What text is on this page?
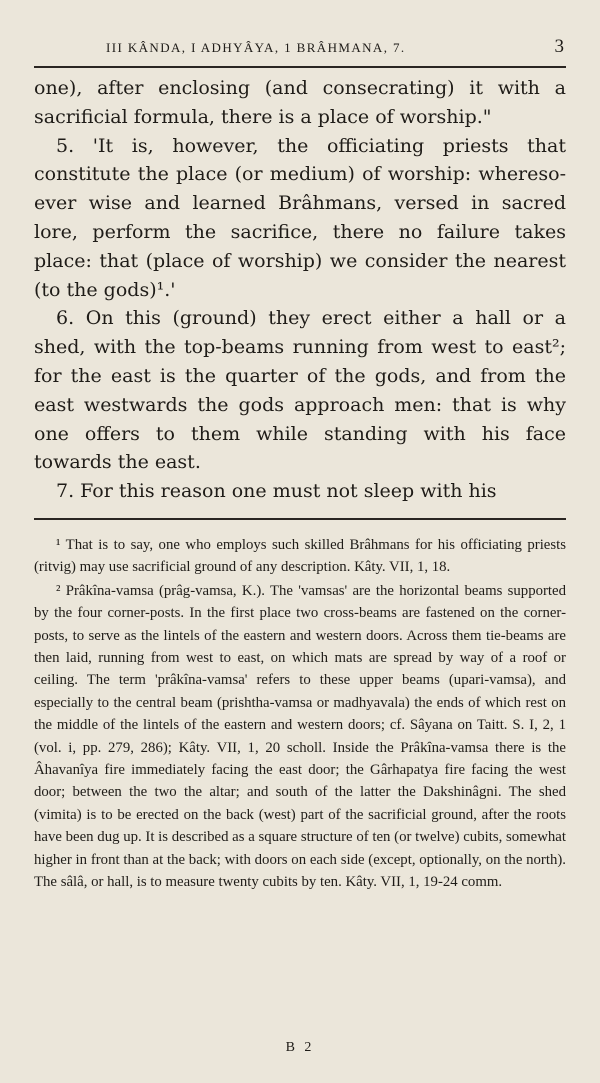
III KÂNDA, I ADHYÂYA, 1 BRÂHMANA, 7.	3

one), after enclosing (and consecrating) it with a sacrificial formula, there is a place of worship."

5. 'It is, however, the officiating priests that constitute the place (or medium) of worship: whereso-ever wise and learned Brâhmans, versed in sacred lore, perform the sacrifice, there no failure takes place: that (place of worship) we consider the nearest (to the gods)¹.'

6. On this (ground) they erect either a hall or a shed, with the top-beams running from west to east²; for the east is the quarter of the gods, and from the east westwards the gods approach men: that is why one offers to them while standing with his face towards the east.

7. For this reason one must not sleep with his

¹ That is to say, one who employs such skilled Brâhmans for his officiating priests (ritvig) may use sacrificial ground of any description. Kâty. VII, 1, 18.

² Prâkîna-vamsa (prâg-vamsa, K.). The 'vamsas' are the horizontal beams supported by the four corner-posts. In the first place two cross-beams are fastened on the corner-posts, to serve as the lintels of the eastern and western doors. Across them tie-beams are then laid, running from west to east, on which mats are spread by way of a roof or ceiling. The term 'prâkîna-vamsa' refers to these upper beams (upari-vamsa), and especially to the central beam (prishtha-vamsa or madhyavala) the ends of which rest on the middle of the lintels of the eastern and western doors; cf. Sâyana on Taitt. S. I, 2, 1 (vol. i, pp. 279, 286); Kâty. VII, 1, 20 scholl. Inside the Prâkîna-vamsa there is the Âhavanîya fire immediately facing the east door; the Gârhapatya fire facing the west door; between the two the altar; and south of the latter the Dakshinâgni. The shed (vimita) is to be erected on the back (west) part of the sacrificial ground, after the roots have been dug up. It is described as a square structure of ten (or twelve) cubits, somewhat higher in front than at the back; with doors on each side (except, optionally, on the north). The sâlâ, or hall, is to measure twenty cubits by ten. Kâty. VII, 1, 19-24 comm.

B 2
